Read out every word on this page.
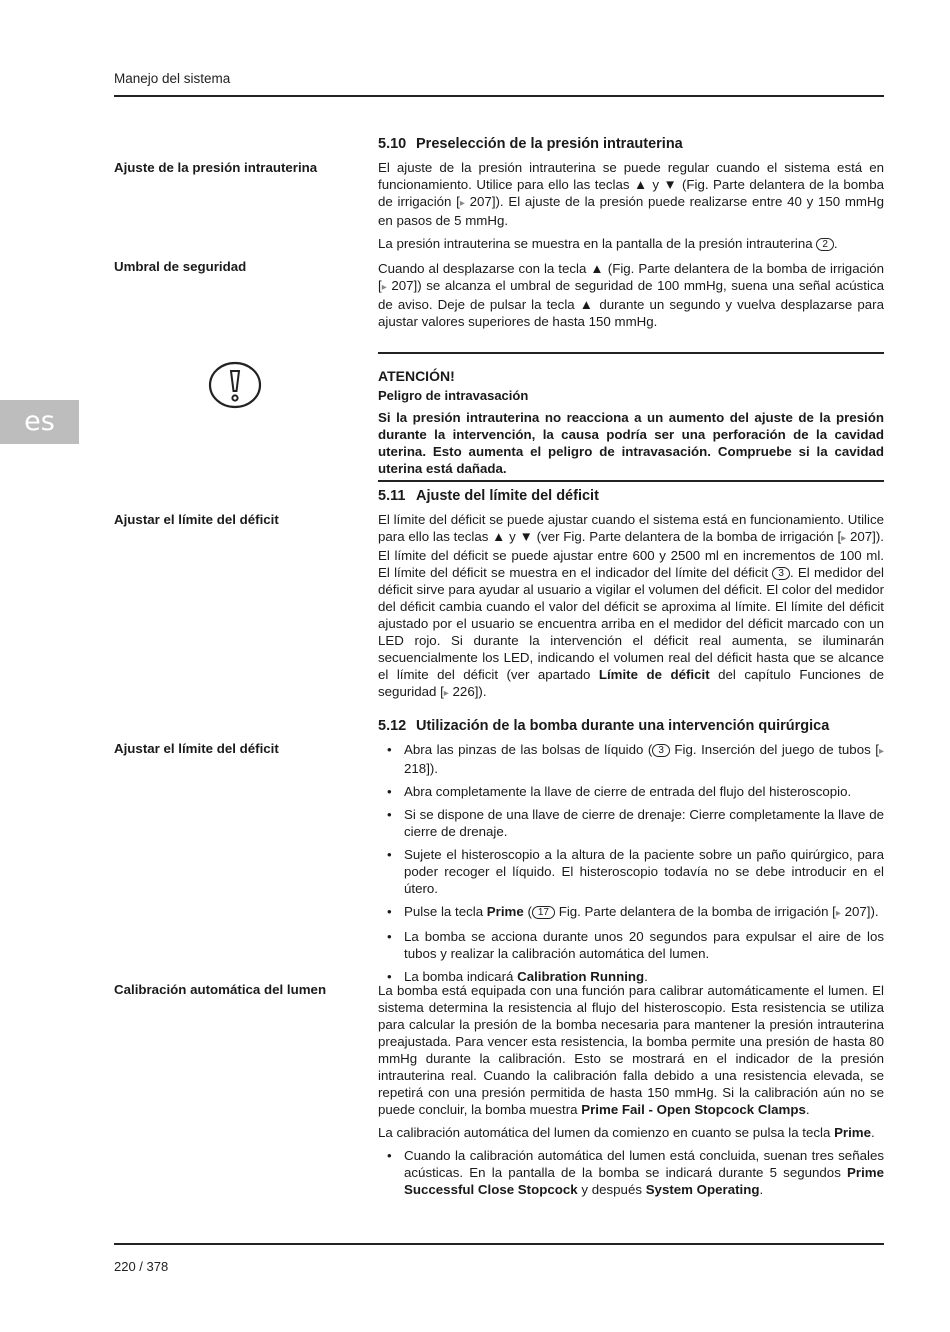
Manejo del sistema
es
Ajuste de la presión intrauterina
Umbral de seguridad
Ajustar el límite del déficit
Ajustar el límite del déficit
Calibración automática del lumen
5.10 Preselección de la presión intrauterina

El ajuste de la presión intrauterina se puede regular cuando el sistema está en funcionamiento. Utilice para ello las teclas ▲ y ▼ (Fig. Parte delantera de la bomba de irrigación [▸ 207]). El ajuste de la presión puede realizarse entre 40 y 150 mmHg en pasos de 5 mmHg.

La presión intrauterina se muestra en la pantalla de la presión intrauterina 2 .

Cuando al desplazarse con la tecla ▲ (Fig. Parte delantera de la bomba de irrigación [▸ 207]) se alcanza el umbral de seguridad de 100 mmHg, suena una señal acústica de aviso. Deje de pulsar la tecla ▲ durante un segundo y vuelva desplazarse para ajustar valores superiores de hasta 150 mmHg.

ATENCIÓN!
Peligro de intravasación
Si la presión intrauterina no reacciona a un aumento del ajuste de la presión durante la intervención, la causa podría ser una perforación de la cavidad uterina. Esto aumenta el peligro de intravasación. Compruebe si la cavidad uterina está dañada.
5.11 Ajuste del límite del déficit

El límite del déficit se puede ajustar cuando el sistema está en funcionamiento. Utilice para ello las teclas ▲ y ▼ (ver Fig. Parte delantera de la bomba de irrigación [▸ 207]). El límite del déficit se puede ajustar entre 600 y 2500 ml en incrementos de 100 ml. El límite del déficit se muestra en el indicador del límite del déficit 3 . El medidor del déficit sirve para ayudar al usuario a vigilar el volumen del déficit. El color del medidor del déficit cambia cuando el valor del déficit se aproxima al límite. El límite del déficit ajustado por el usuario se encuentra arriba en el medidor del déficit marcado con un LED rojo. Si durante la intervención el déficit real aumenta, se iluminarán secuencialmente los LED, indicando el volumen real del déficit hasta que se alcance el límite del déficit (ver apartado Límite de déficit del capítulo Funciones de seguridad [▸ 226]).

5.12 Utilización de la bomba durante una intervención quirúrgica
• Abra las pinzas de las bolsas de líquido ( 3 Fig. Inserción del juego de tubos [▸ 218]).
• Abra completamente la llave de cierre de entrada del flujo del histeroscopio.
• Si se dispone de una llave de cierre de drenaje: Cierre completamente la llave de cierre de drenaje.
• Sujete el histeroscopio a la altura de la paciente sobre un paño quirúrgico, para poder recoger el líquido. El histeroscopio todavía no se debe introducir en el útero.
• Pulse la tecla Prime ( 17 Fig. Parte delantera de la bomba de irrigación [▸ 207]).
• La bomba se acciona durante unos 20 segundos para expulsar el aire de los tubos y realizar la calibración automática del lumen.
• La bomba indicará Calibration Running.

La bomba está equipada con una función para calibrar automáticamente el lumen. El sistema determina la resistencia al flujo del histeroscopio. Esta resistencia se utiliza para calcular la presión de la bomba necesaria para mantener la presión intrauterina preajustada. Para vencer esta resistencia, la bomba permite una presión de hasta 80 mmHg durante la calibración. Esto se mostrará en el indicador de la presión intrauterina real. Cuando la calibración falla debido a una resistencia elevada, se repetirá con una presión permitida de hasta 150 mmHg. Si la calibración aún no se puede concluir, la bomba muestra Prime Fail - Open Stopcock Clamps.

La calibración automática del lumen da comienzo en cuanto se pulsa la tecla Prime.

• Cuando la calibración automática del lumen está concluida, suenan tres señales acústicas. En la pantalla de la bomba se indicará durante 5 segundos Prime Successful Close Stopcock y después System Operating.
220 / 378
